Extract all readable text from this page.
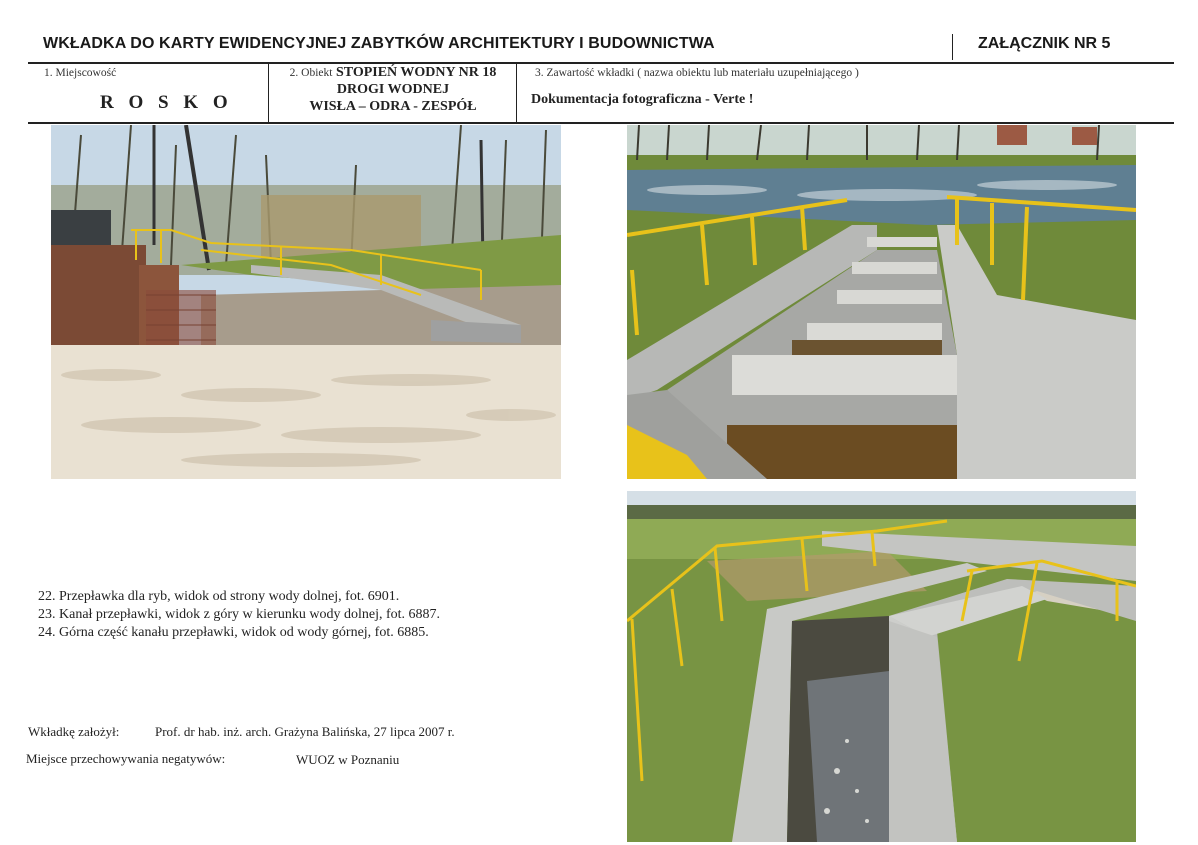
WKŁADKA DO KARTY EWIDENCYJNEJ ZABYTKÓW ARCHITEKTURY I BUDOWNICTWA	ZAŁĄCZNIK NR 5
1. Miejscowość
R O S K O
2. Obiekt STOPIEŃ WODNY NR 18
DROGI WODNEJ
WISŁA – ODRA - ZESPÓŁ
3. Zawartość wkładki ( nazwa obiektu lub materiału uzupełniającego )
Dokumentacja fotograficzna - Verte !
22. Przepławka dla ryb, widok od strony wody dolnej, fot. 6901.
23. Kanał przepławki, widok z góry w kierunku wody dolnej, fot. 6887.
24. Górna część kanału przepławki, widok od wody górnej, fot. 6885.
Wkładkę założył:	Prof. dr hab. inż. arch. Grażyna Balińska, 27 lipca 2007 r.
Miejsce przechowywania negatywów:	WUOZ w Poznaniu
